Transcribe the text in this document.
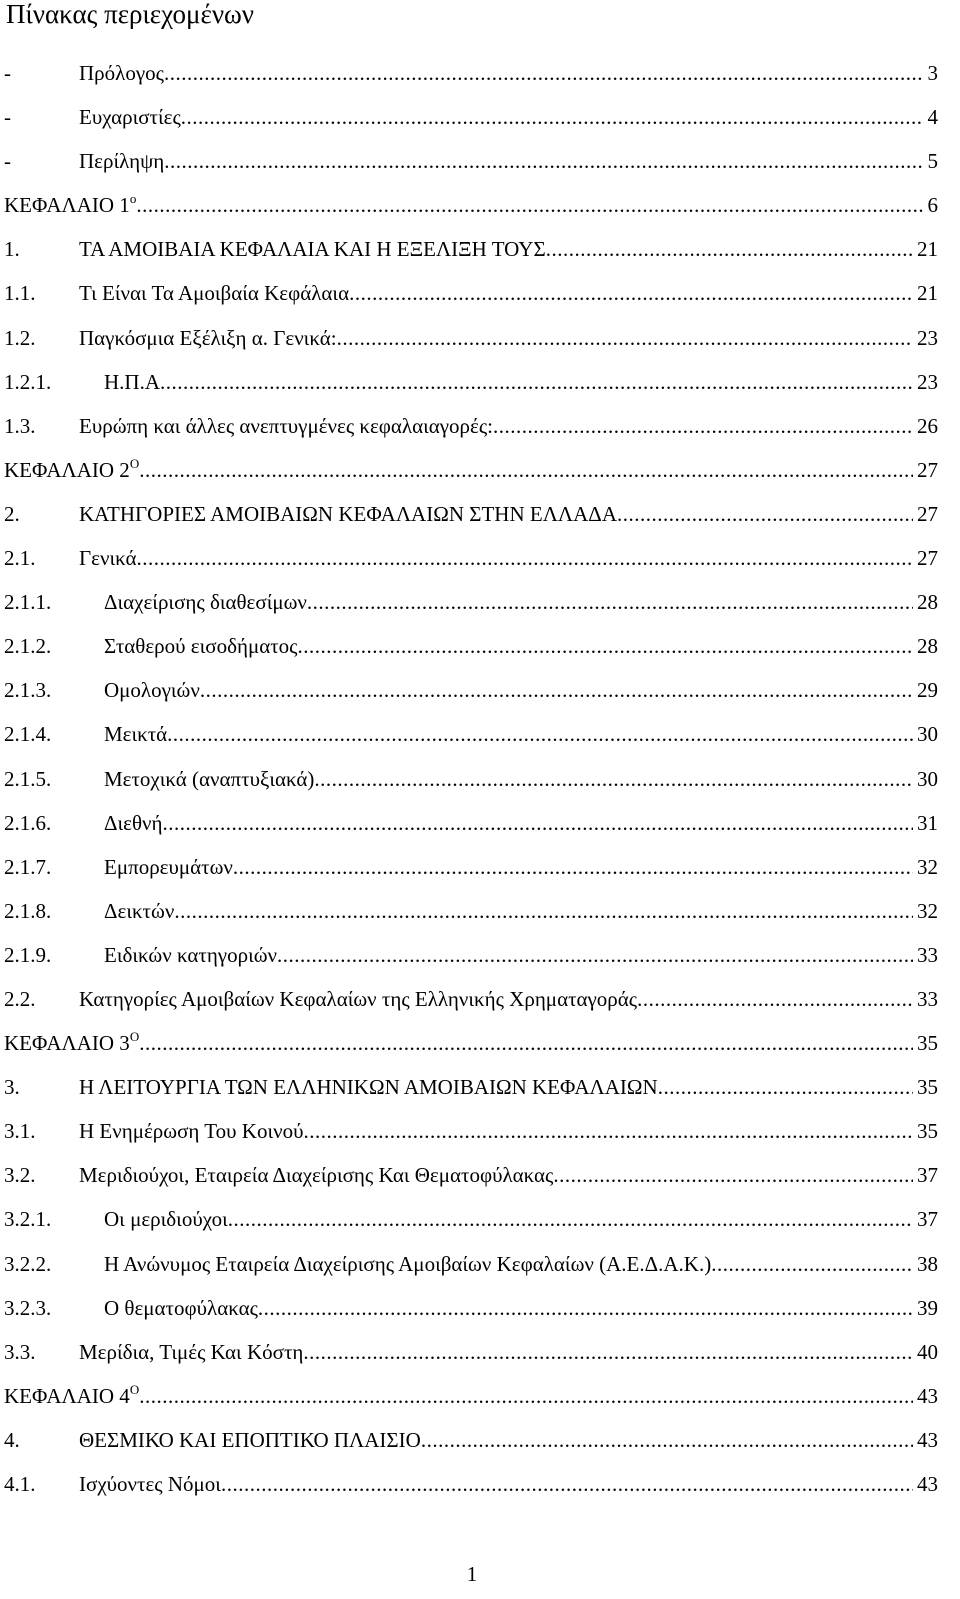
Πίνακας περιεχομένων
-	Πρόλογος .....	3
-	Ευχαριστίες .....	4
-	Περίληψη .....	5
ΚΕΦΑΛΑΙΟ $1^o$ .....	6
1.	ΤΑ ΑΜΟΙΒΑΙΑ ΚΕΦΑΛΑΙΑ ΚΑΙ Η ΕΞΕΛΙΞΗ ΤΟΥΣ .....	21
1.1. Τι Είναι Τα Αμοιβαία Κεφάλαια .....	21
1.2. Παγκόσμια Εξέλιξη α. Γενικά: .....	23
1.2.1.	Η.Π.Α .....	23
1.3. Ευρώπη και άλλες ανεπτυγμένες κεφαλαιαγορές: .....	26
ΚΕΦΑΛΑΙΟ $2^O$ .....	27
2.	ΚΑΤΗΓΟΡΙΕΣ ΑΜΟΙΒΑΙΩΝ ΚΕΦΑΛΑΙΩΝ ΣΤΗΝ ΕΛΛΑΔΑ .....	27
2.1. Γενικά .....	27
2.1.1.	Διαχείρισης διαθεσίμων .....	28
2.1.2.	Σταθερού εισοδήματος .....	28
2.1.3.	Ομολογιών .....	29
2.1.4.	Μεικτά .....	30
2.1.5.	Μετοχικά (αναπτυξιακά) .....	30
2.1.6.	Διεθνή .....	31
2.1.7.	Εμπορευμάτων .....	32
2.1.8.	Δεικτών .....	32
2.1.9.	Ειδικών κατηγοριών .....	33
2.2. Κατηγορίες Αμοιβαίων Κεφαλαίων της Ελληνικής Χρηματαγοράς .....	33
ΚΕΦΑΛΑΙΟ $3^O$ .....	35
3.	Η ΛΕΙΤΟΥΡΓΙΑ ΤΩΝ ΕΛΛΗΝΙΚΩΝ ΑΜΟΙΒΑΙΩΝ ΚΕΦΑΛΑΙΩΝ .....	35
3.1. Η Ενημέρωση Του Κοινού .....	35
3.2. Μεριδιούχοι, Εταιρεία Διαχείρισης Και Θεματοφύλακας .....	37
3.2.1.	Οι μεριδιούχοι .....	37
3.2.2.	Η Ανώνυμος Εταιρεία Διαχείρισης Αμοιβαίων Κεφαλαίων (Α.Ε.Δ.Α.Κ.) .....	38
3.2.3.	Ο θεματοφύλακας .....	39
3.3. Μερίδια, Τιμές Και Κόστη .....	40
ΚΕΦΑΛΑΙΟ $4^O$ .....	43
4.	ΘΕΣΜΙΚΟ ΚΑΙ ΕΠΟΠΤΙΚΟ ΠΛΑΙΣΙΟ .....	43
4.1. Ισχύοντες Νόμοι .....	43
1
